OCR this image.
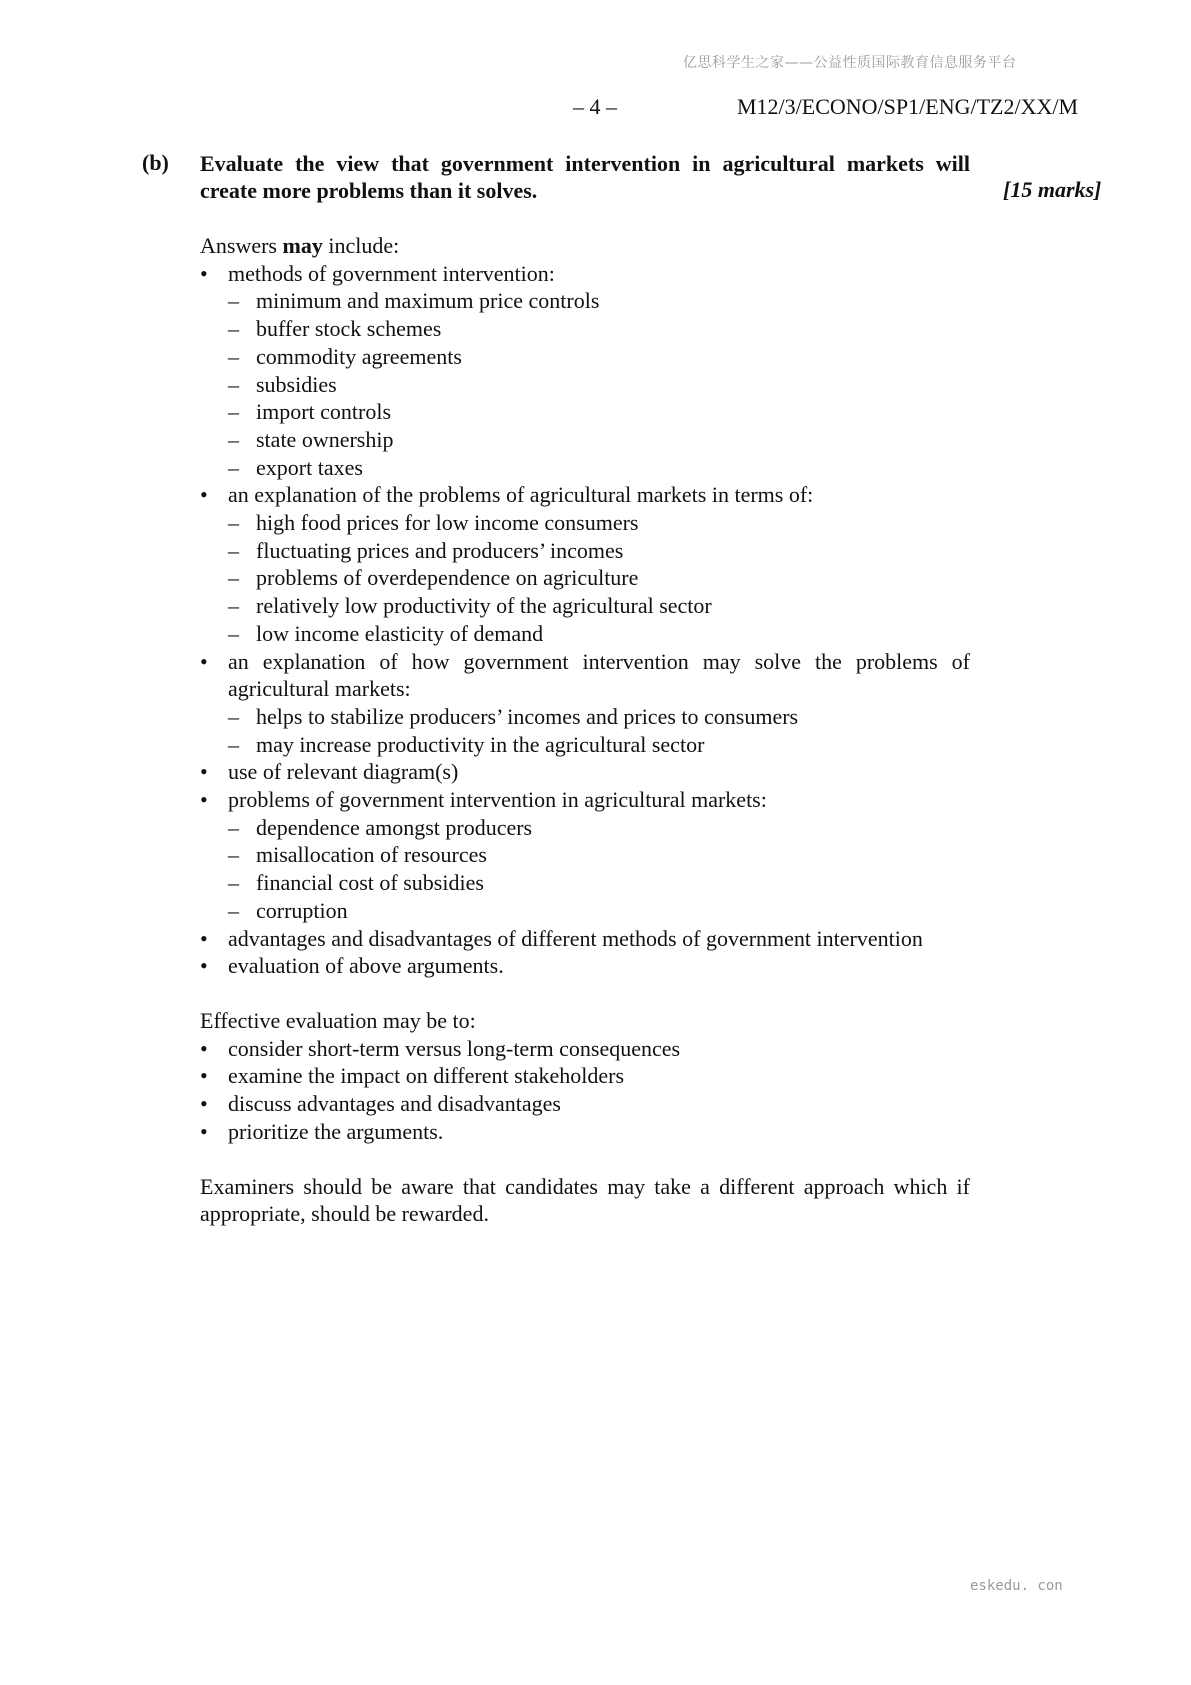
亿思科学生之家——公益性质国际教育信息服务平台
– 4 –	M12/3/ECONO/SP1/ENG/TZ2/XX/M
(b) Evaluate the view that government intervention in agricultural markets will create more problems than it solves.	[15 marks]

Answers may include:

• methods of government intervention:
– minimum and maximum price controls
– buffer stock schemes
– commodity agreements
– subsidies
– import controls
– state ownership
– export taxes
• an explanation of the problems of agricultural markets in terms of:
– high food prices for low income consumers
– fluctuating prices and producers’ incomes
– problems of overdependence on agriculture
– relatively low productivity of the agricultural sector
– low income elasticity of demand
• an explanation of how government intervention may solve the problems of agricultural markets:
– helps to stabilize producers’ incomes and prices to consumers
– may increase productivity in the agricultural sector
• use of relevant diagram(s)
• problems of government intervention in agricultural markets:
– dependence amongst producers
– misallocation of resources
– financial cost of subsidies
– corruption
• advantages and disadvantages of different methods of government intervention
• evaluation of above arguments.

Effective evaluation may be to:

• consider short-term versus long-term consequences
• examine the impact on different stakeholders
• discuss advantages and disadvantages
• prioritize the arguments.

Examiners should be aware that candidates may take a different approach which if appropriate, should be rewarded.

eskedu. con
